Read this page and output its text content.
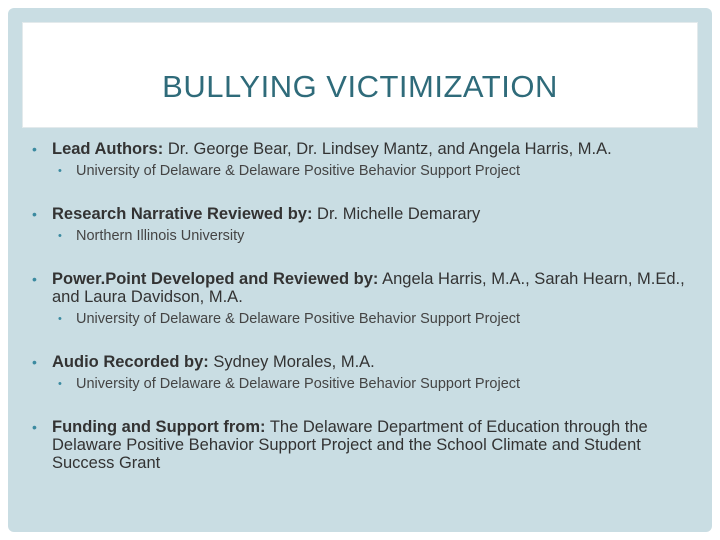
BULLYING VICTIMIZATION

• Lead Authors: Dr. George Bear, Dr. Lindsey Mantz, and Angela Harris, M.A.

• University of Delaware & Delaware Positive Behavior Support Project

• Research Narrative Reviewed by: Dr. Michelle Demarary

• Northern Illinois University

• Power.Point Developed and Reviewed by: Angela Harris, M.A., Sarah Hearn, M.Ed., and Laura Davidson, M.A.

• University of Delaware & Delaware Positive Behavior Support Project

• Audio Recorded by: Sydney Morales, M.A.

• University of Delaware & Delaware Positive Behavior Support Project

• Funding and Support from: The Delaware Department of Education through the Delaware Positive Behavior Support Project and the School Climate and Student Success Grant
